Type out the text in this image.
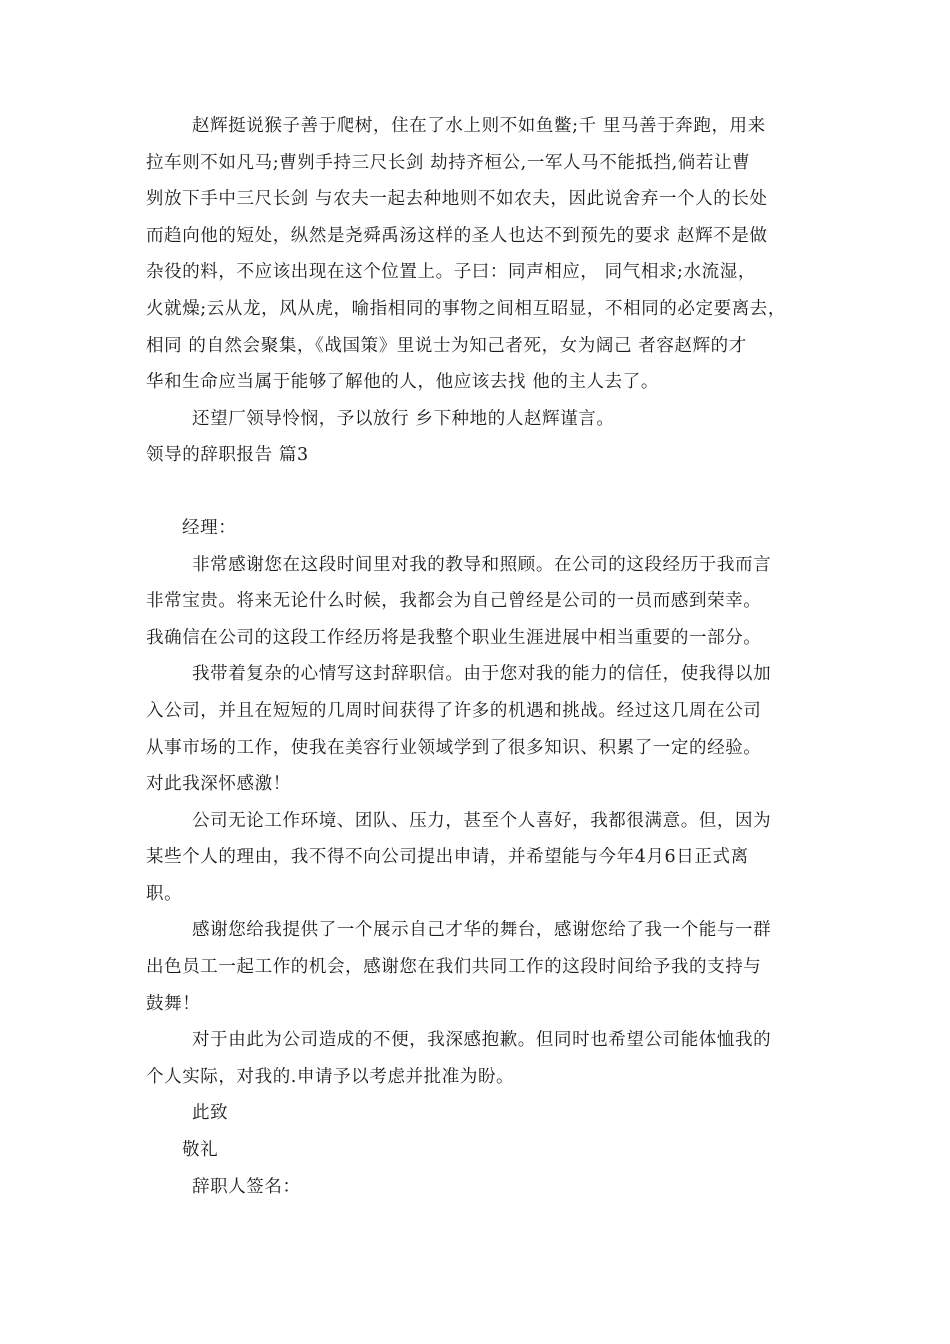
赵辉挺说猴子善于爬树，住在了水上则不如鱼鳖;千 里马善于奔跑，用来
拉车则不如凡马;曹刿手持三尺长剑 劫持齐桓公,一军人马不能抵挡,倘若让曹
刿放下手中三尺长剑 与农夫一起去种地则不如农夫，因此说舍弃一个人的长处
而趋向他的短处，纵然是尧舜禹汤这样的圣人也达不到预先的要求 赵辉不是做
杂役的料，不应该出现在这个位置上。子曰：同声相应， 同气相求;水流湿，
火就燥;云从龙，风从虎，喻指相同的事物之间相互昭显，不相同的必定要离去，
相同 的自然会聚集，《战国策》里说士为知己者死，女为阔己 者容赵辉的才
华和生命应当属于能够了解他的人，他应该去找 他的主人去了。
还望厂领导怜悯，予以放行 乡下种地的人赵辉谨言。
领导的辞职报告 篇3
经理：
非常感谢您在这段时间里对我的教导和照顾。在公司的这段经历于我而言
非常宝贵。将来无论什么时候，我都会为自己曾经是公司的一员而感到荣幸。
我确信在公司的这段工作经历将是我整个职业生涯进展中相当重要的一部分。
我带着复杂的心情写这封辞职信。由于您对我的能力的信任，使我得以加
入公司，并且在短短的几周时间获得了许多的机遇和挑战。经过这几周在公司
从事市场的工作，使我在美容行业领域学到了很多知识、积累了一定的经验。
对此我深怀感激！
公司无论工作环境、团队、压力，甚至个人喜好，我都很满意。但，因为
某些个人的理由，我不得不向公司提出申请，并希望能与今年4月6日正式离
职。
感谢您给我提供了一个展示自己才华的舞台，感谢您给了我一个能与一群
出色员工一起工作的机会，感谢您在我们共同工作的这段时间给予我的支持与
鼓舞！
对于由此为公司造成的不便，我深感抱歉。但同时也希望公司能体恤我的
个人实际，对我的.申请予以考虑并批准为盼。
此致
敬礼
辞职人签名：
